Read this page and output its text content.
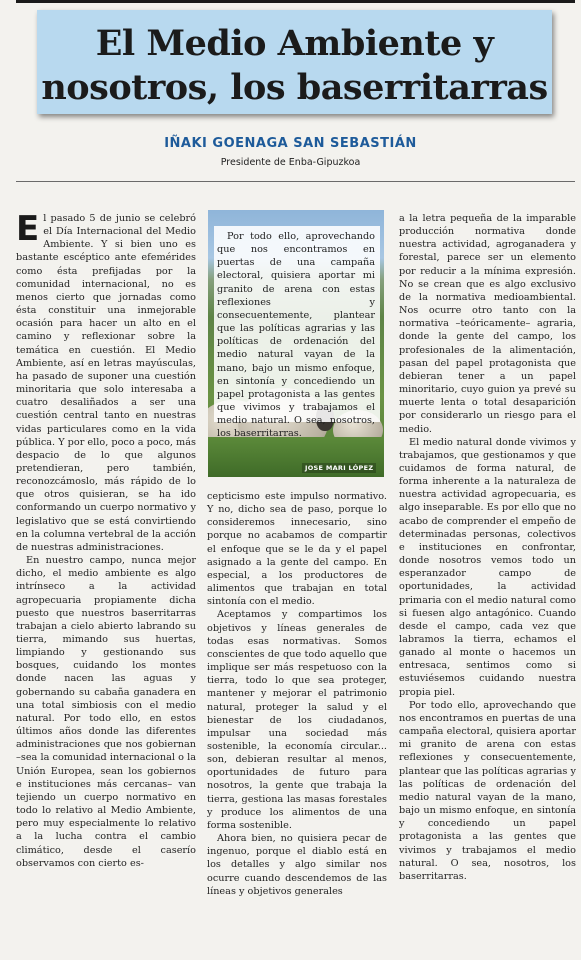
El Medio Ambiente y
nosotros, los baserritarras
IÑAKI GOENAGA SAN SEBASTIÁN
Presidente de Enba-Gipuzkoa

El pasado 5 de junio se celebró el Día Internacional del Medio Ambiente. Y si bien uno es bastante escéptico ante efemérides como ésta prefijadas por la comunidad internacional, no es menos cierto que jornadas como ésta constituir una inmejorable ocasión para hacer un alto en el camino y reflexionar sobre la temática en cuestión. El Medio Ambiente, así en letras mayúsculas, ha pasado de suponer una cuestión minoritaria que solo interesaba a cuatro desaliñados a ser una cuestión central tanto en nuestras vidas particulares como en la vida pública. Y por ello, poco a poco, más despacio de lo que algunos pretendieran, pero también, reconozcámoslo, más rápido de lo que otros quisieran, se ha ido conformando un cuerpo normativo y legislativo que se está convirtiendo en la columna vertebral de la acción de nuestras administraciones.

En nuestro campo, nunca mejor dicho, el medio ambiente es algo intrínseco a la actividad agropecuaria propiamente dicha puesto que nuestros baserritarras trabajan a cielo abierto labrando su tierra, mimando sus huertas, limpiando y gestionando sus bosques, cuidando los montes donde nacen las aguas y gobernando su cabaña ganadera en una total simbiosis con el medio natural. Por todo ello, en estos últimos años donde las diferentes administraciones que nos gobiernan –sea la comunidad internacional o la Unión Europea, sean los gobiernos e instituciones más cercanas– van tejiendo un cuerpo normativo en todo lo relativo al Medio Ambiente, pero muy especialmente lo relativo a la lucha contra el cambio climático, desde el caserío observamos con cierto es-

Por todo ello, aprovechando que nos encontramos en puertas de una campaña electoral, quisiera aportar mi granito de arena con estas reflexiones y consecuentemente, plantear que las políticas agrarias y las políticas de ordenación del medio natural vayan de la mano, bajo un mismo enfoque, en sintonía y concediendo un papel protagonista a las gentes que vivimos y trabajamos el medio natural. O sea, nosotros, los baserritarras.
JOSE MARI LÓPEZ

cepticismo este impulso normativo. Y no, dicho sea de paso, porque lo consideremos innecesario, sino porque no acabamos de compartir el enfoque que se le da y el papel asignado a la gente del campo. En especial, a los productores de alimentos que trabajan en total sintonía con el medio.

Aceptamos y compartimos los objetivos y líneas generales de todas esas normativas. Somos conscientes de que todo aquello que implique ser más respetuoso con la tierra, todo lo que sea proteger, mantener y mejorar el patrimonio natural, proteger la salud y el bienestar de los ciudadanos, impulsar una sociedad más sostenible, la economía circular... son, debieran resultar al menos, oportunidades de futuro para nosotros, la gente que trabaja la tierra, gestiona las masas forestales y produce los alimentos de una forma sostenible.

Ahora bien, no quisiera pecar de ingenuo, porque el diablo está en los detalles y algo similar nos ocurre cuando descendemos de las líneas y objetivos generales

a la letra pequeña de la imparable producción normativa donde nuestra actividad, agroganadera y forestal, parece ser un elemento por reducir a la mínima expresión. No se crean que es algo exclusivo de la normativa medioambiental. Nos ocurre otro tanto con la normativa –teóricamente– agraria, donde la gente del campo, los profesionales de la alimentación, pasan del papel protagonista que debieran tener a un papel minoritario, cuyo guion ya prevé su muerte lenta o total desaparición por considerarlo un riesgo para el medio.

El medio natural donde vivimos y trabajamos, que gestionamos y que cuidamos de forma natural, de forma inherente a la naturaleza de nuestra actividad agropecuaria, es algo inseparable. Es por ello que no acabo de comprender el empeño de determinadas personas, colectivos e instituciones en confrontar, donde nosotros vemos todo un esperanzador campo de oportunidades, la actividad primaria con el medio natural como si fuesen algo antagónico. Cuando desde el campo, cada vez que labramos la tierra, echamos el ganado al monte o hacemos un entresaca, sentimos como si estuviésemos cuidando nuestra propia piel.

Por todo ello, aprovechando que nos encontramos en puertas de una campaña electoral, quisiera aportar mi granito de arena con estas reflexiones y consecuentemente, plantear que las políticas agrarias y las políticas de ordenación del medio natural vayan de la mano, bajo un mismo enfoque, en sintonía y concediendo un papel protagonista a las gentes que vivimos y trabajamos el medio natural. O sea, nosotros, los baserritarras.
